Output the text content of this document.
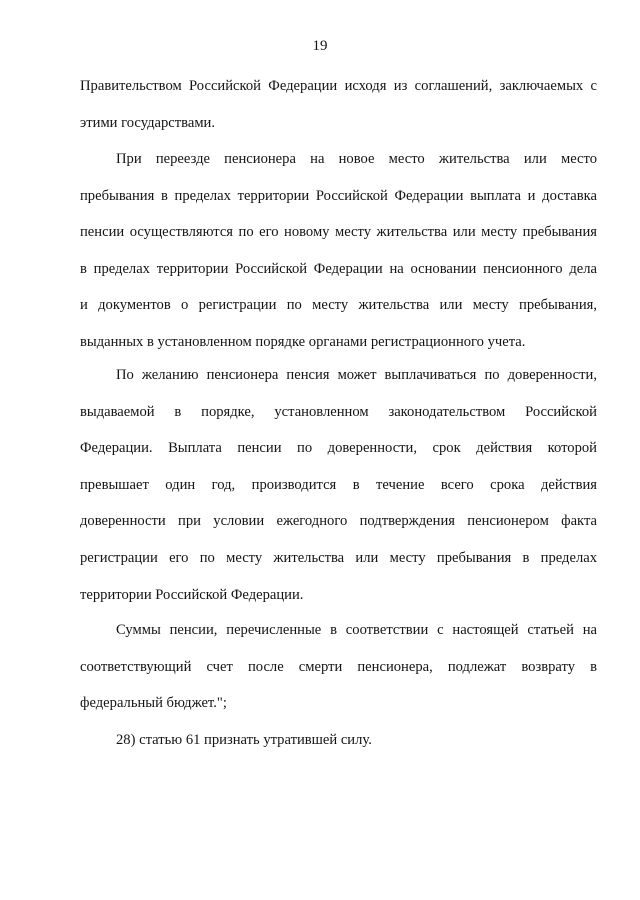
19
Правительством Российской Федерации исходя из соглашений, заключаемых с
этими государствами.
При переезде пенсионера на новое место жительства или место
пребывания в пределах территории Российской Федерации выплата и доставка
пенсии осуществляются по его новому месту жительства или месту пребывания
в пределах территории Российской Федерации на основании пенсионного дела
и документов о регистрации по месту жительства или месту пребывания,
выданных в установленном порядке органами регистрационного учета.
По желанию пенсионера пенсия может выплачиваться по доверенности,
выдаваемой в порядке, установленном законодательством Российской
Федерации. Выплата пенсии по доверенности, срок действия которой
превышает один год, производится в течение всего срока действия
доверенности при условии ежегодного подтверждения пенсионером факта
регистрации его по месту жительства или месту пребывания в пределах
территории Российской Федерации.
Суммы пенсии, перечисленные в соответствии с настоящей статьей на
соответствующий счет после смерти пенсионера, подлежат возврату в
федеральный бюджет.";
28) статью 61 признать утратившей силу.
